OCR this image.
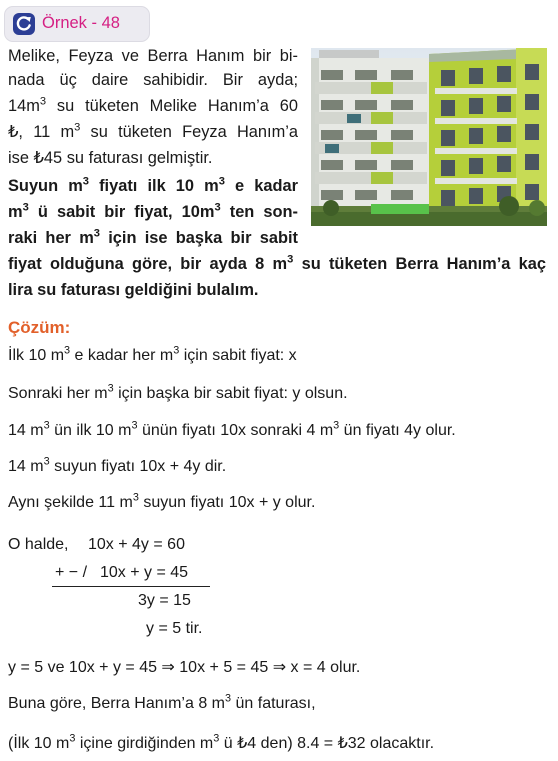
Örnek - 48
Melike, Feyza ve Berra Hanım bir bi-
nada üç daire sahibidir. Bir ayda;
$14m^3$ su tüketen Melike Hanım’a 60
₺, 11 $m^3$ su tüketen Feyza Hanım’a
ise ₺45 su faturası gelmiştir.
Suyun $m^3$ fiyatı ilk 10 $m^3$ e kadar
$m^3$ ü sabit bir fiyat, $10m^3$ ten son-
raki her $m^3$ için ise başka bir sabit
fiyat olduğuna göre, bir ayda 8 $m^3$ su tüketen Berra Hanım’a kaç
lira su faturası geldiğini bulalım.
Çözüm:
İlk 10 $m^3$ e kadar her $m^3$ için sabit fiyat: x
Sonraki her $m^3$ için başka bir sabit fiyat: y olsun.
14 $m^3$ ün ilk 10 $m^3$ ünün fiyatı 10x sonraki 4 $m^3$ ün fiyatı 4y olur.
14 $m^3$ suyun fiyatı 10x + 4y dir.
Aynı şekilde 11 $m^3$ suyun fiyatı 10x + y olur.
O halde, 10x + 4y = 60
+ − / 10x + y = 45
3y = 15
y = 5 tir.
y = 5 ve 10x + y = 45 ⇒ 10x + 5 = 45 ⇒ x = 4 olur.
Buna göre, Berra Hanım’a 8 $m^3$ ün faturası,
(İlk 10 $m^3$ içine girdiğinden $m^3$ ü ₺4 den) 8.4 = ₺32 olacaktır.
